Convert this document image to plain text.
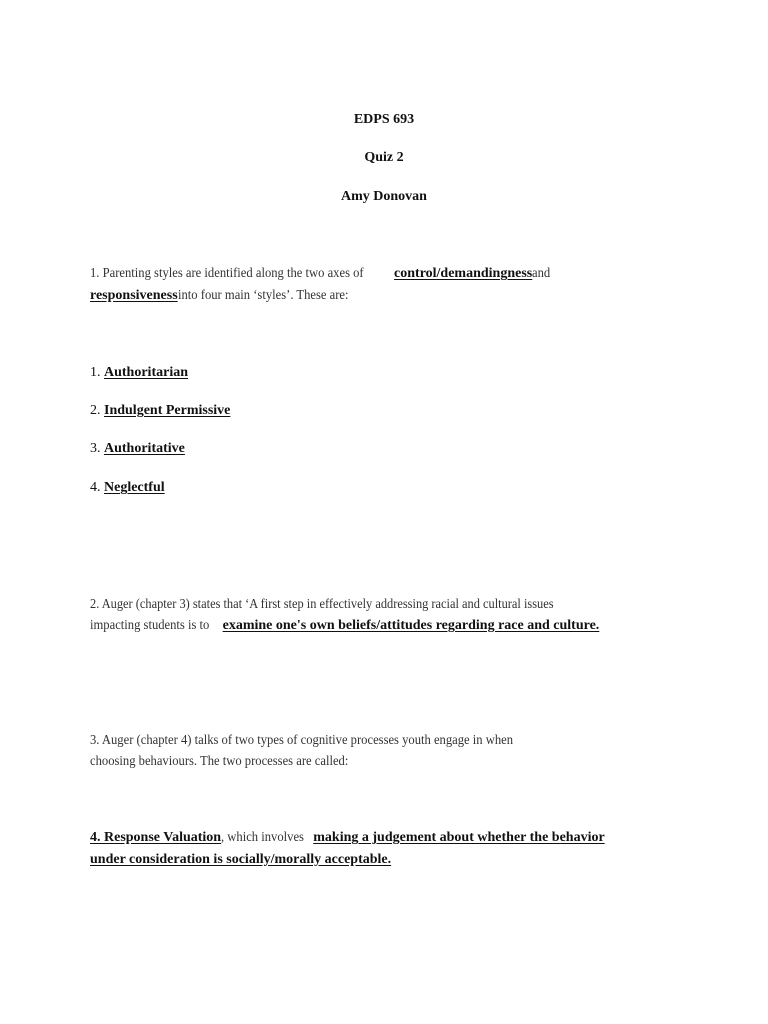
EDPS 693
Quiz 2
Amy Donovan
1. Parenting styles are identified along the two axes ofcontrol/demandingnessand
responsivenessinto four main ‘styles’. These are:
1. Authoritarian
2. Indulgent Permissive
3. Authoritative
4. Neglectful
2. Auger (chapter 3) states that ‘A first step in effectively addressing racial and cultural issues
impacting students is toexamine one's own beliefs/attitudes regarding race and culture.
3. Auger (chapter 4) talks of two types of cognitive processes youth engage in when
choosing behaviours. The two processes are called:
4. Response Valuation, which involvesmaking a judgement about whether the behavior
under consideration is socially/morally acceptable.
